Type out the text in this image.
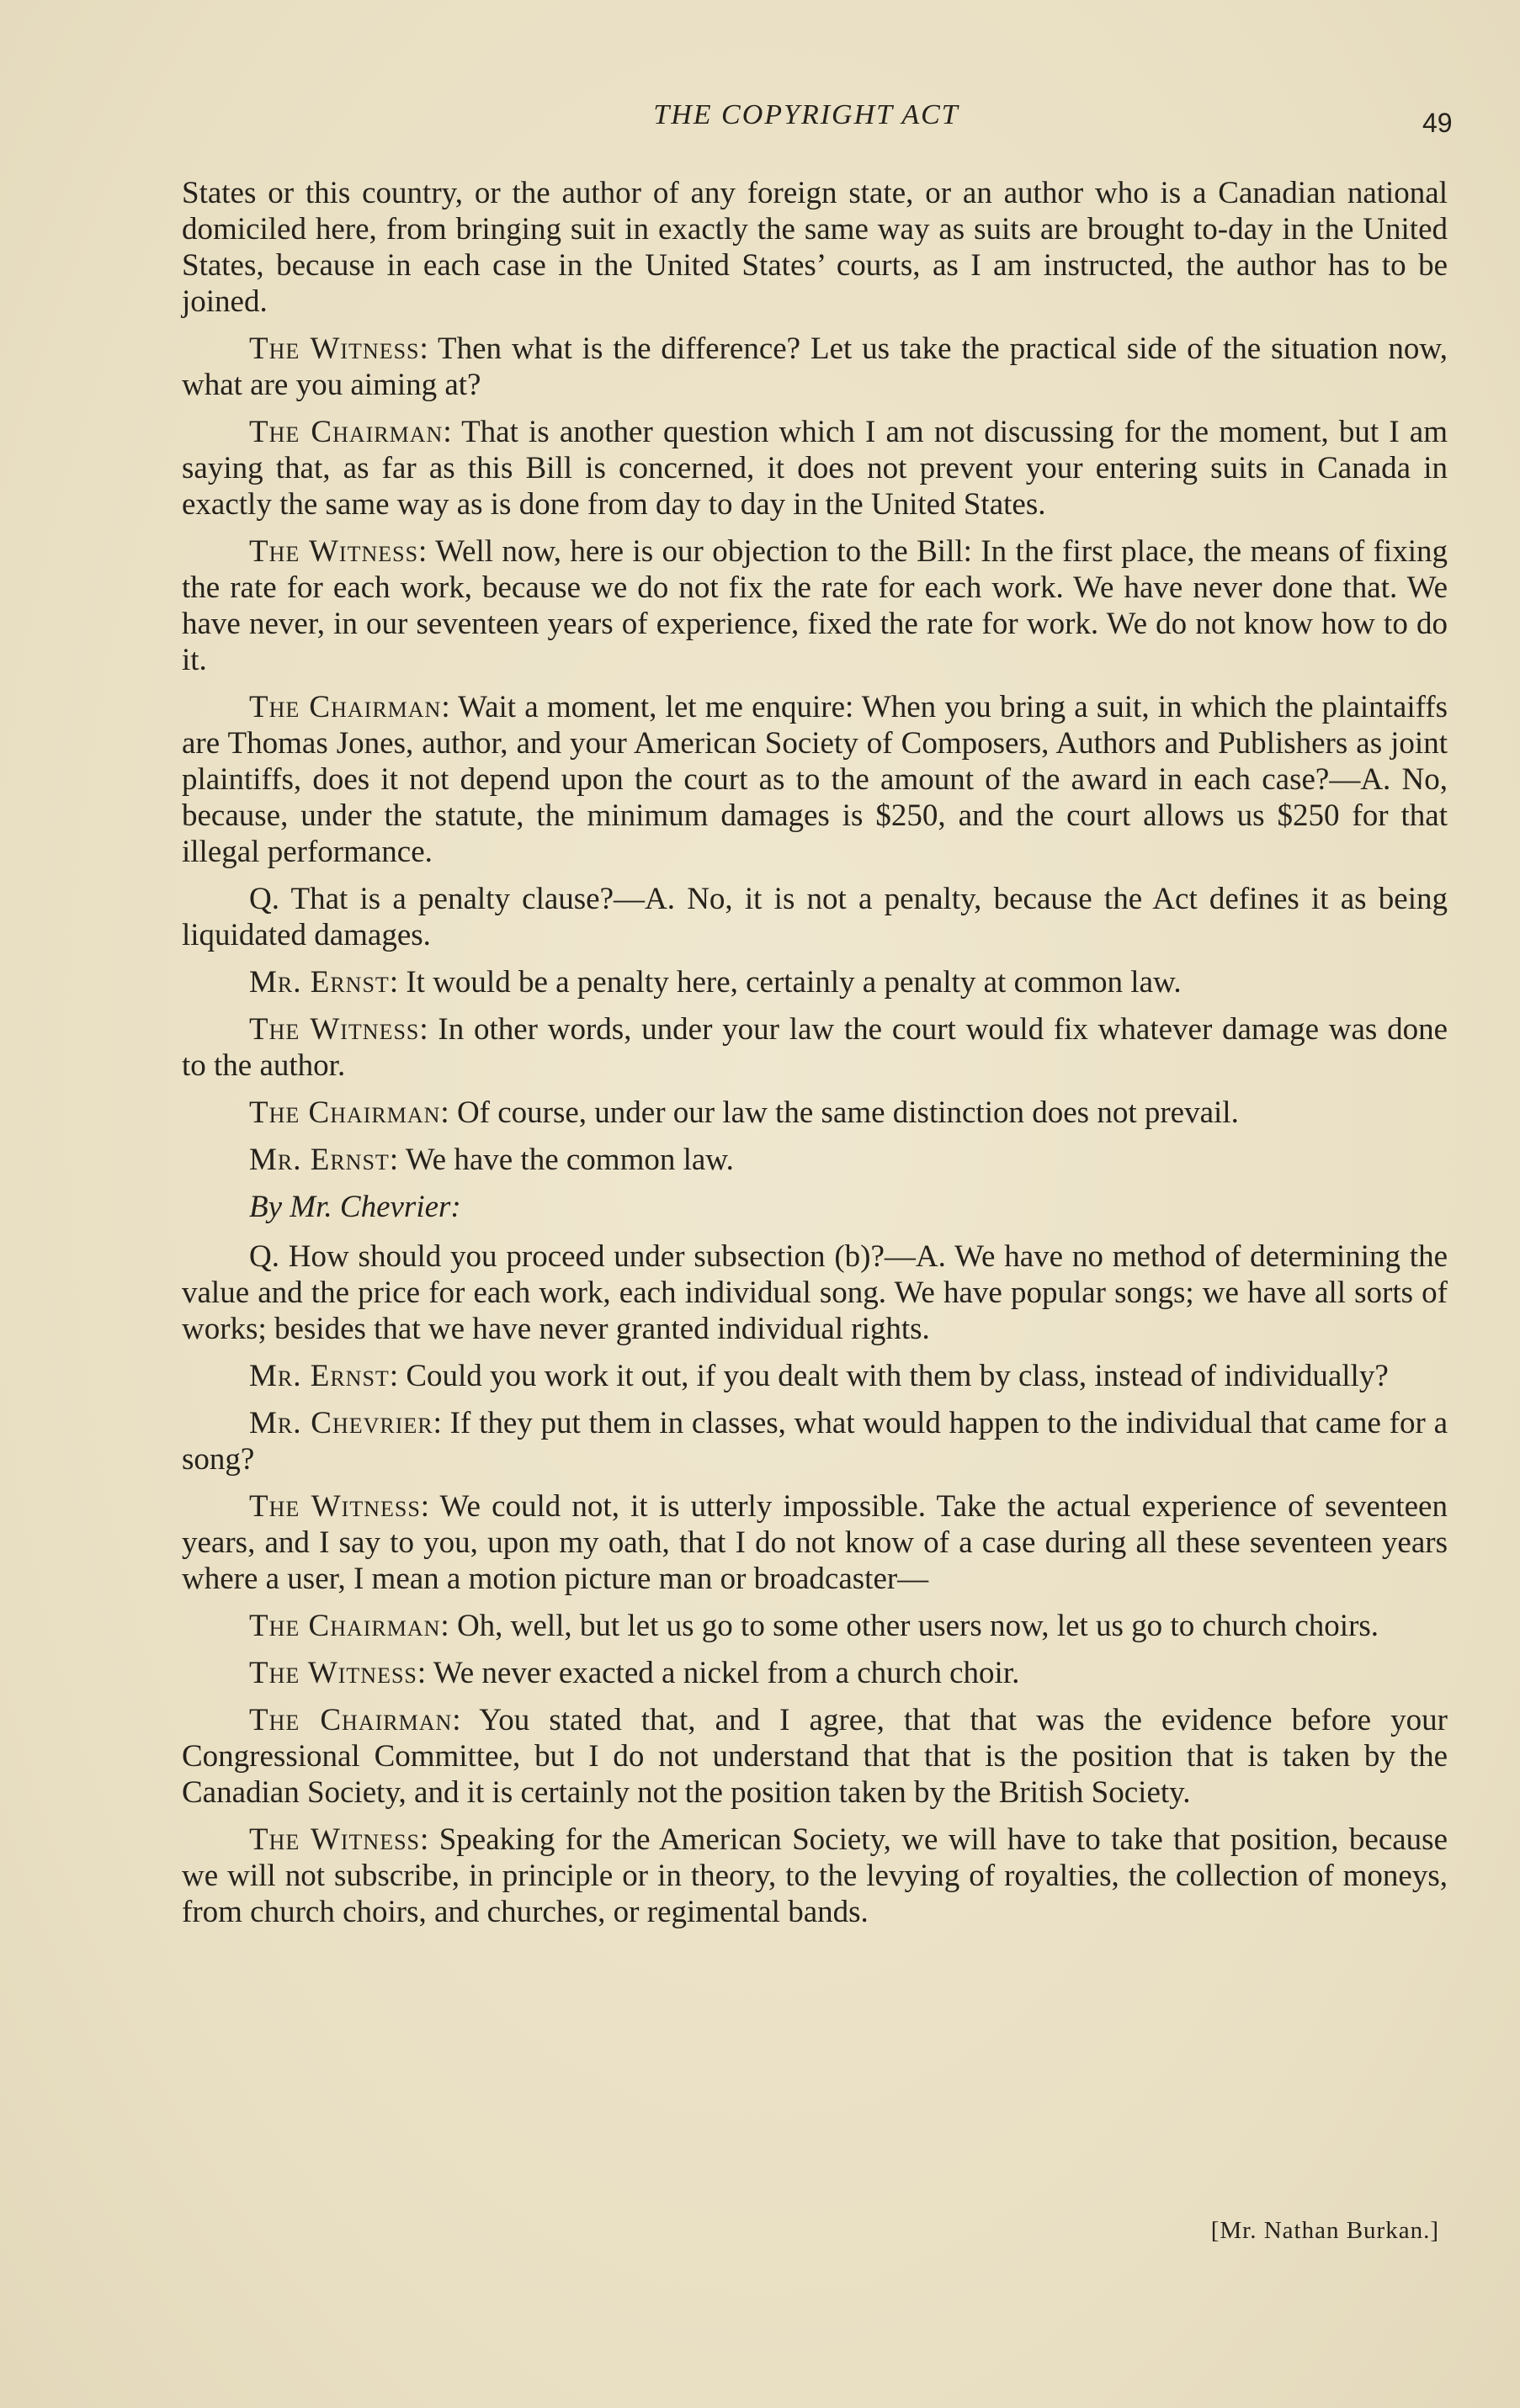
THE COPYRIGHT ACT	49

States or this country, or the author of any foreign state, or an author who is a Canadian national domiciled here, from bringing suit in exactly the same way as suits are brought to-day in the United States, because in each case in the United States’ courts, as I am instructed, the author has to be joined.

The Witness: Then what is the difference? Let us take the practical side of the situation now, what are you aiming at?

The Chairman: That is another question which I am not discussing for the moment, but I am saying that, as far as this Bill is concerned, it does not prevent your entering suits in Canada in exactly the same way as is done from day to day in the United States.

The Witness: Well now, here is our objection to the Bill: In the first place, the means of fixing the rate for each work, because we do not fix the rate for each work. We have never done that. We have never, in our seventeen years of experience, fixed the rate for work. We do not know how to do it.

The Chairman: Wait a moment, let me enquire: When you bring a suit, in which the plaintaiffs are Thomas Jones, author, and your American Society of Composers, Authors and Publishers as joint plaintiffs, does it not depend upon the court as to the amount of the award in each case?—A. No, because, under the statute, the minimum damages is $250, and the court allows us $250 for that illegal performance.

Q. That is a penalty clause?—A. No, it is not a penalty, because the Act defines it as being liquidated damages.

Mr. Ernst: It would be a penalty here, certainly a penalty at common law.

The Witness: In other words, under your law the court would fix whatever damage was done to the author.

The Chairman: Of course, under our law the same distinction does not prevail.

Mr. Ernst: We have the common law.

By Mr. Chevrier:

Q. How should you proceed under subsection (b)?—A. We have no method of determining the value and the price for each work, each individual song. We have popular songs; we have all sorts of works; besides that we have never granted individual rights.

Mr. Ernst: Could you work it out, if you dealt with them by class, instead of individually?

Mr. Chevrier: If they put them in classes, what would happen to the individual that came for a song?

The Witness: We could not, it is utterly impossible. Take the actual experience of seventeen years, and I say to you, upon my oath, that I do not know of a case during all these seventeen years where a user, I mean a motion picture man or broadcaster—

The Chairman: Oh, well, but let us go to some other users now, let us go to church choirs.

The Witness: We never exacted a nickel from a church choir.

The Chairman: You stated that, and I agree, that that was the evidence before your Congressional Committee, but I do not understand that that is the position that is taken by the Canadian Society, and it is certainly not the position taken by the British Society.

The Witness: Speaking for the American Society, we will have to take that position, because we will not subscribe, in principle or in theory, to the levying of royalties, the collection of moneys, from church choirs, and churches, or regimental bands.

[Mr. Nathan Burkan.]
